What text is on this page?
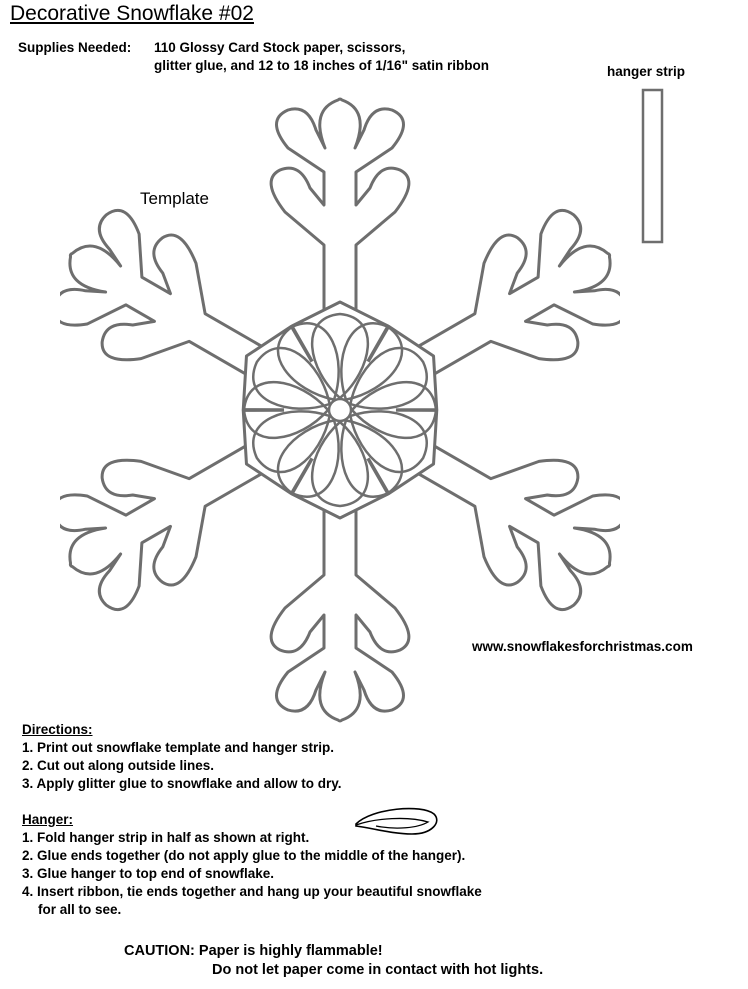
Decorative Snowflake #02
Supplies Needed: 110 Glossy Card Stock paper, scissors,
glitter glue, and 12 to 18 inches of 1/16" satin ribbon	hanger strip
Template
www.snowflakesforchristmas.com
Directions:
1. Print out snowflake template and hanger strip.
2. Cut out along outside lines.
3. Apply glitter glue to snowflake and allow to dry.
Hanger:
1. Fold hanger strip in half as shown at right.
2. Glue ends together (do not apply glue to the middle of the hanger).
3. Glue hanger to top end of snowflake.
4. Insert ribbon, tie ends together and hang up your beautiful snowflake
for all to see.
CAUTION: Paper is highly flammable!
Do not let paper come in contact with hot lights.
